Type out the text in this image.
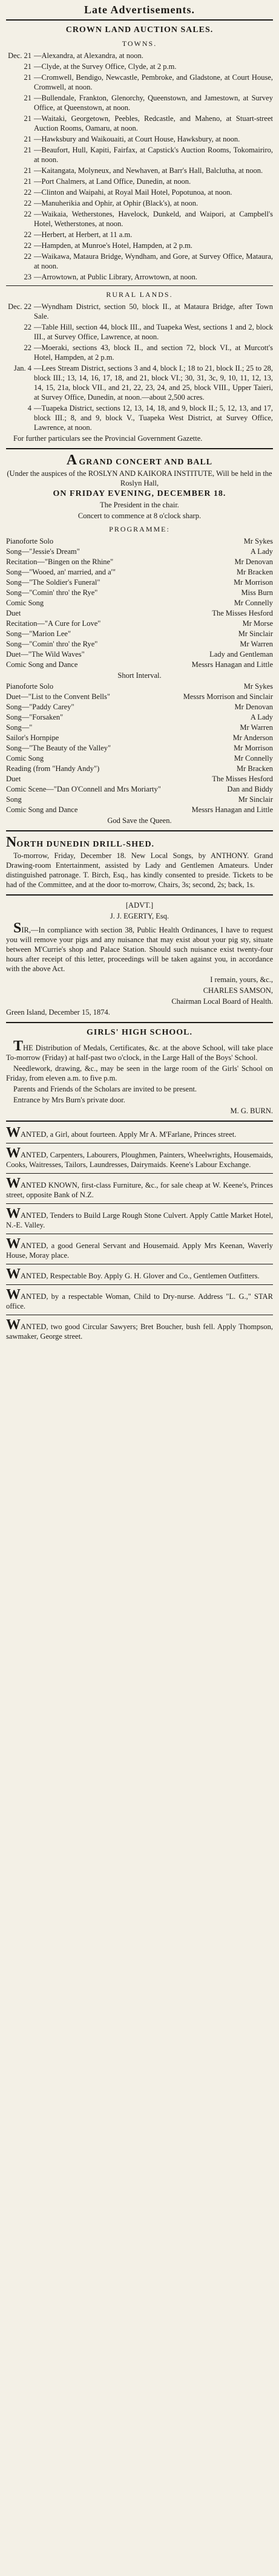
Late Advertisements.
CROWN LAND AUCTION SALES.
TOWNS.
Dec. 21 —Alexandra, at Alexandra, at noon.
21 —Clyde, at the Survey Office, Clyde, at 2 p.m.
21 —Cromwell, Bendigo, Newcastle, Pembroke, and Gladstone, at Court House, Cromwell, at noon.
21 —Bullendale, Frankton, Glenorchy, Queenstown, and Jamestown, at Survey Office, at Queenstown, at noon.
21 —Waitaki, Georgetown, Peebles, Redcastle, and Maheno, at Stuart-street Auction Rooms, Oamaru, at noon.
21 —Hawksbury and Waikouaiti, at Court House, Hawksbury, at noon.
21 —Beaufort, Hull, Kapiti, Fairfax, at Capstick's Auction Rooms, Tokomairiro, at noon.
21 —Kaitangata, Molyneux, and Newhaven, at Barr's Hall, Balclutha, at noon.
21 —Port Chalmers, at Land Office, Dunedin, at noon.
22 —Clinton and Waipahi, at Royal Mail Hotel, Popotunoa, at noon.
22 —Manuherikia and Ophir, at Ophir (Black's), at noon.
22 —Waikaia, Wetherstones, Havelock, Dunkeld, and Waipori, at Campbell's Hotel, Wetherstones, at noon.
22 —Herbert, at Herbert, at 11 a.m.
22 —Hampden, at Munroe's Hotel, Hampden, at 2 p.m.
22 —Waikawa, Mataura Bridge, Wyndham, and Gore, at Survey Office, Mataura, at noon.
23 —Arrowtown, at Public Library, Arrowtown, at noon.
RURAL LANDS.
Dec. 22 —Wyndham District, section 50, block II., at Mataura Bridge, after Town Sale.
22 —Table Hill, section 44, block III., and Tuapeka West, sections 1 and 2, block III., at Survey Office, Lawrence, at noon.
22 —Moeraki, sections 43, block II., and section 72, block VI., at Murcott's Hotel, Hampden, at 2 p.m.
Jan. 4 —Lees Stream District, sections 3 and 4, block I.; 18 to 21, block II.; 25 to 28, block III.; 13, 14, 16, 17, 18, and 21, block VI.; 30, 31, 3c, 9, 10, 11, 12, 13, 14, 15, 21a, block VII., and 21, 22, 23, 24, and 25, block VIII., Upper Taieri, at Survey Office, Dunedin, at noon.—about 2,500 acres.
4 —Tuapeka District, sections 12, 13, 14, 18, and 9, block II.; 5, 12, 13, and 17, block III.; 8, and 9, block V., Tuapeka West District, at Survey Office, Lawrence, at noon.
For further particulars see the Provincial Government Gazette.
A GRAND CONCERT AND BALL
(Under the auspices of the ROSLYN AND KAIKORA INSTITUTE, Will be held in the Roslyn Hall,
ON FRIDAY EVENING, DECEMBER 18.
The President in the chair.
Concert to commence at 8 o'clock sharp.
PROGRAMME:
Pianoforte Solo	Mr Sykes
Song—"Jessie's Dream"	A Lady
Recitation—"Bingen on the Rhine"	Mr Denovan
Song—"Wooed, an' married, and a'"	Mr Bracken
Song—"The Soldier's Funeral"	Mr Morrison
Song—"Comin' thro' the Rye"	Miss Burn
Comic Song	Mr Connelly
Duet	The Misses Hesford
Recitation—"A Cure for Love"	Mr Morse
Song—"Marion Lee"	Mr Sinclair
Song—"Comin' thro' the Rye"	Mr Warren
Duet—"The Wild Waves"	Lady and Gentleman
Comic Song and Dance	Messrs Hanagan and Little
Short Interval.
Pianoforte Solo	Mr Sykes
Duet—"List to the Convent Bells"	Messrs Morrison and Sinclair
Song—"Paddy Carey"	Mr Denovan
Song—"Forsaken"	A Lady
Song—"	Mr Warren
Sailor's Hornpipe	Mr Anderson
Song—"The Beauty of the Valley"	Mr Morrison
Comic Song	Mr Connelly
Reading (from "Handy Andy")	Mr Bracken
Duet	The Misses Hesford
Comic Scene—"Dan O'Connell and Mrs Moriarty"	Dan and Biddy
Song	Mr Sinclair
Comic Song and Dance	Messrs Hanagan and Little
God Save the Queen.
NORTH DUNEDIN DRILL-SHED.
To-morrow, Friday, December 18. New Local Songs, by ANTHONY. Grand Drawing-room Entertainment, assisted by Lady and Gentlemen Amateurs. Under distinguished patronage. T. Birch, Esq., has kindly consented to preside. Tickets to be had of the Committee, and at the door to-morrow, Chairs, 3s; second, 2s; back, 1s.
[ADVT.]
J. J. EGERTY, Esq.
SIR,—In compliance with section 38, Public Health Ordinances, I have to request you will remove your pigs and any nuisance that may exist about your pig sty, situate between M'Currie's shop and Palace Station. Should such nuisance exist twenty-four hours after receipt of this letter, proceedings will be taken against you, in accordance with the above Act.
I remain, yours, &c.,
CHARLES SAMSON,
Chairman Local Board of Health.
Green Island, December 15, 1874.
GIRLS' HIGH SCHOOL.
THE Distribution of Medals, Certificates, &c. at the above School, will take place To-morrow (Friday) at half-past two o'clock, in the Large Hall of the Boys' School.
Needlework, drawing, &c., may be seen in the large room of the Girls' School on Friday, from eleven a.m. to five p.m.
Parents and Friends of the Scholars are invited to be present.
Entrance by Mrs Burn's private door.
M. G. BURN.
WANTED, a Girl, about fourteen. Apply Mr A. M'Farlane, Princes street.
WANTED, Carpenters, Labourers, Ploughmen, Painters, Wheelwrights, Housemaids, Cooks, Waitresses, Tailors, Laundresses, Dairymaids. Keene's Labour Exchange.
WANTED KNOWN, first-class Furniture, &c., for sale cheap at W. Keene's, Princes street, opposite Bank of N.Z.
WANTED, Tenders to Build Large Rough Stone Culvert. Apply Cattle Market Hotel, N.-E. Valley.
WANTED, a good General Servant and Housemaid. Apply Mrs Keenan, Waverly House, Moray place.
WANTED, Respectable Boy. Apply G. H. Glover and Co., Gentlemen Outfitters.
WANTED, by a respectable Woman, Child to Dry-nurse. Address "L. G.," STAR office.
WANTED, two good Circular Sawyers; Bret Boucher, bush fell. Apply Thompson, sawmaker, George street.
